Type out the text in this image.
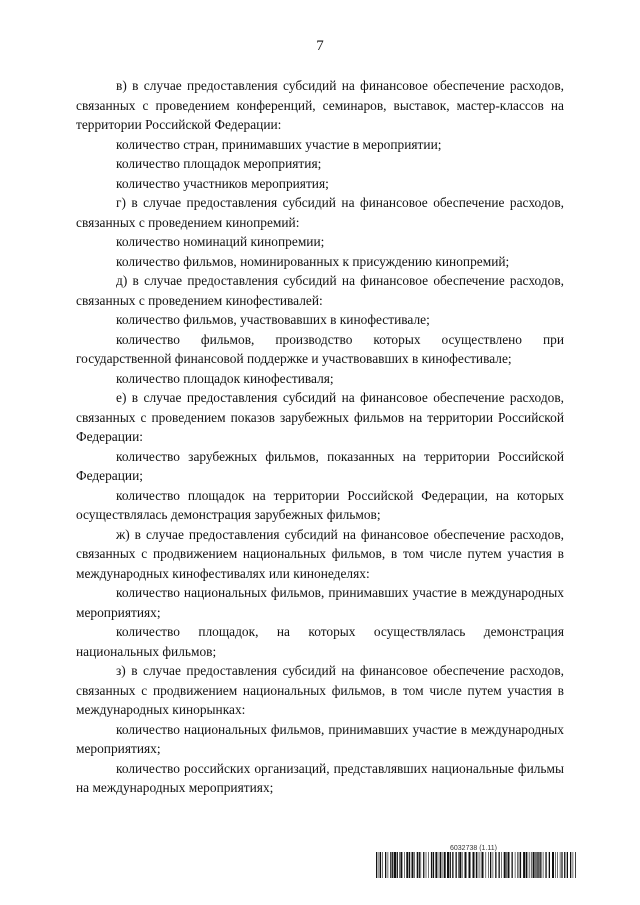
7

в) в случае предоставления субсидий на финансовое обеспечение расходов, связанных с проведением конференций, семинаров, выставок, мастер-классов на территории Российской Федерации:

количество стран, принимавших участие в мероприятии;

количество площадок мероприятия;

количество участников мероприятия;

г) в случае предоставления субсидий на финансовое обеспечение расходов, связанных с проведением кинопремий:

количество номинаций кинопремии;

количество фильмов, номинированных к присуждению кинопремий;

д) в случае предоставления субсидий на финансовое обеспечение расходов, связанных с проведением кинофестивалей:

количество фильмов, участвовавших в кинофестивале;

количество фильмов, производство которых осуществлено при государственной финансовой поддержке и участвовавших в кинофестивале;

количество площадок кинофестиваля;

е) в случае предоставления субсидий на финансовое обеспечение расходов, связанных с проведением показов зарубежных фильмов на территории Российской Федерации:

количество зарубежных фильмов, показанных на территории Российской Федерации;

количество площадок на территории Российской Федерации, на которых осуществлялась демонстрация зарубежных фильмов;

ж) в случае предоставления субсидий на финансовое обеспечение расходов, связанных с продвижением национальных фильмов, в том числе путем участия в международных кинофестивалях или кинонеделях:

количество национальных фильмов, принимавших участие в международных мероприятиях;

количество площадок, на которых осуществлялась демонстрация национальных фильмов;

з) в случае предоставления субсидий на финансовое обеспечение расходов, связанных с продвижением национальных фильмов, в том числе путем участия в международных кинорынках:

количество национальных фильмов, принимавших участие в международных мероприятиях;

количество российских организаций, представлявших национальные фильмы на международных мероприятиях;

6032738 (1.11)
